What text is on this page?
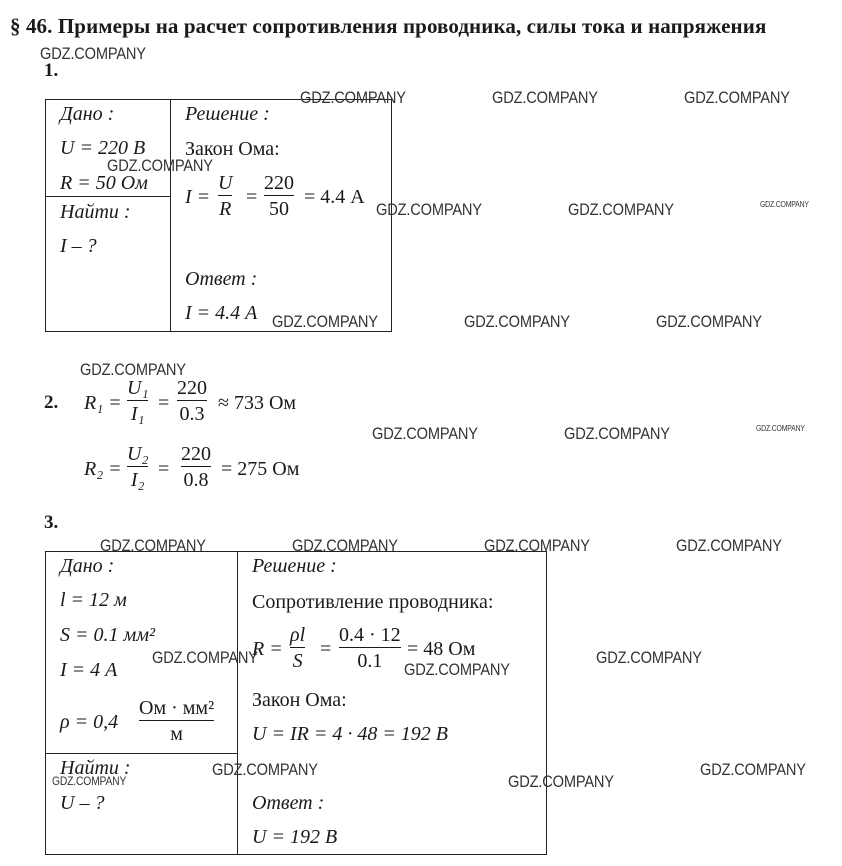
§ 46. Примеры на расчет сопротивления проводника, силы тока и напряжения
1.
Дано :
U = 220 В
R = 50 Ом
Найти :
I – ?
Решение :
Закон Ома:
I =
U
R
=
220
50
= 4.4 А
Ответ :
I = 4.4 А
2. R₁ =
U₁
I₁ =
220
0.3 ≈ 733 Ом
R₂ =
U₂
I₂ =
220
0.8 = 275 Ом
3.
Дано :
l = 12 м
S = 0.1 мм²
I = 4 А
ρ = 0,4
Ом · мм²
м
Найти :
U – ?
Решение :
Сопротивление проводника:
R =
ρl
S
=
0.4 · 12
0.1
= 48 Ом
Закон Ома:
U = IR = 4 · 48 = 192 В
Ответ :
U = 192 В
GDZ.COMPANY
GDZ.COMPANY	GDZ.COMPANY	GDZ.COMPANY
GDZ.COMPANY
GDZ.COMPANY	GDZ.COMPANY	GDZ.COMPANY
GDZ.COMPANY	GDZ.COMPANY	GDZ.COMPANY
GDZ.COMPANY
GDZ.COMPANY	GDZ.COMPANY	GDZ.COMPANY
GDZ.COMPANY	GDZ.COMPANY	GDZ.COMPANY	GDZ.COMPANY
GDZ.COMPANY
GDZ.COMPANY
GDZ.COMPANY
GDZ.COMPANY
GDZ.COMPANY	GDZ.COMPANY
GDZ.COMPANY
